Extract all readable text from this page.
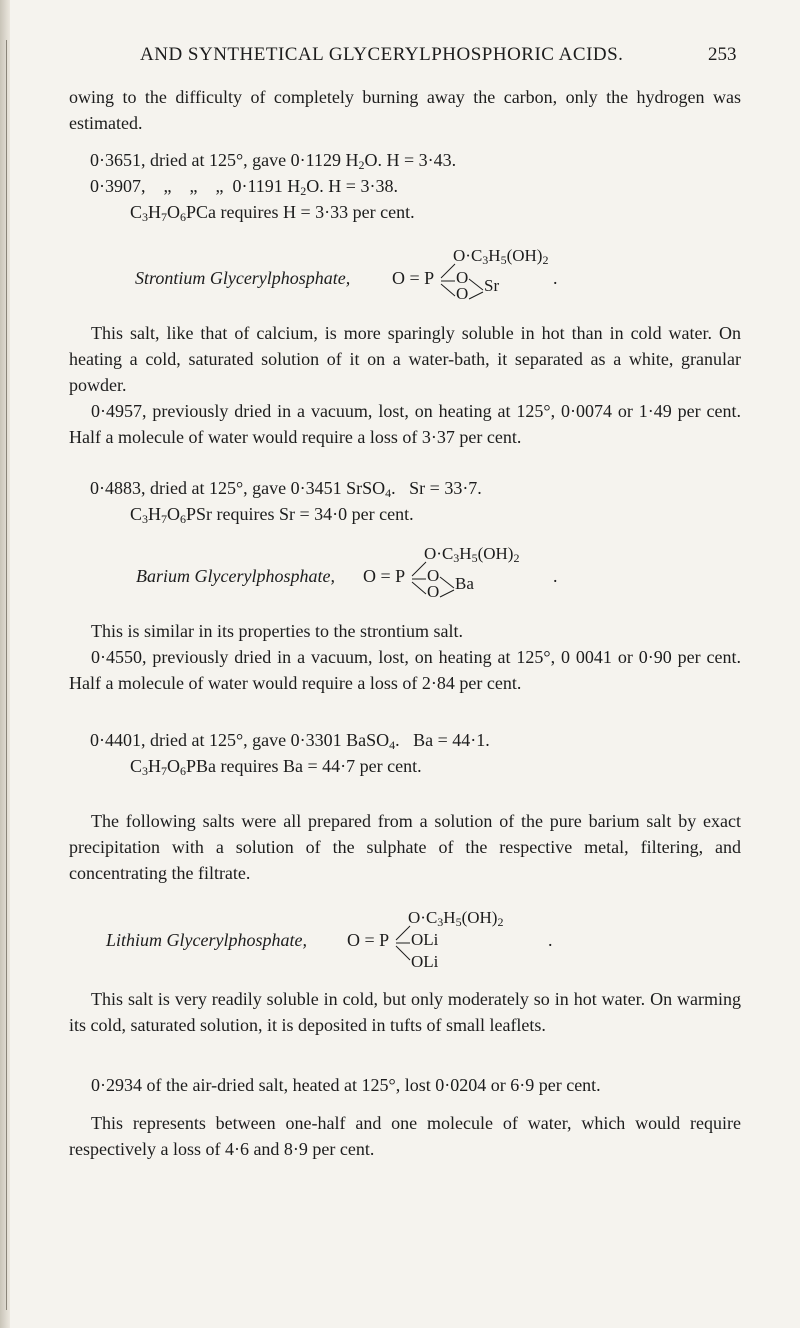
AND SYNTHETICAL GLYCERYLPHOSPHORIC ACIDS.	253
owing to the difficulty of completely burning away the carbon, only the hydrogen was estimated.
0·3651, dried at 125°, gave 0·1129 $H_2O$. H = 3·43.
0·3907,    „    „    „  0·1191 $H_2O$. H = 3·38.
$C_3H_7O_6PCa$ requires H = 3·33 per cent.
Strontium Glycerylphosphate, O = P
$O\cdot C_3H_5(OH)_2$
O
O Sr	.
This salt, like that of calcium, is more sparingly soluble in hot than in cold water. On heating a cold, saturated solution of it on a water-bath, it separated as a white, granular powder.
0·4957, previously dried in a vacuum, lost, on heating at 125°, 0·0074 or 1·49 per cent. Half a molecule of water would require a loss of 3·37 per cent.
0·4883, dried at 125°, gave 0·3451 SrSO$_4$.   Sr = 33·7.
$C_3H_7O_6PSr$ requires Sr = 34·0 per cent.
Barium Glycerylphosphate, O = P
$O\cdot C_3H_5(OH)_2$
O
O Ba	.
This is similar in its properties to the strontium salt.
0·4550, previously dried in a vacuum, lost, on heating at 125°, 0 0041 or 0·90 per cent. Half a molecule of water would require a loss of 2·84 per cent.
0·4401, dried at 125°, gave 0·3301 BaSO$_4$.   Ba = 44·1.
$C_3H_7O_6PBa$ requires Ba = 44·7 per cent.
The following salts were all prepared from a solution of the pure barium salt by exact precipitation with a solution of the sulphate of the respective metal, filtering, and concentrating the filtrate.
Lithium Glycerylphosphate, O = P
$O\cdot C_3H_5(OH)_2$
OLi
OLi
.
This salt is very readily soluble in cold, but only moderately so in hot water. On warming its cold, saturated solution, it is deposited in tufts of small leaflets.
0·2934 of the air-dried salt, heated at 125°, lost 0·0204 or 6·9 per cent.
This represents between one-half and one molecule of water, which would require respectively a loss of 4·6 and 8·9 per cent.
